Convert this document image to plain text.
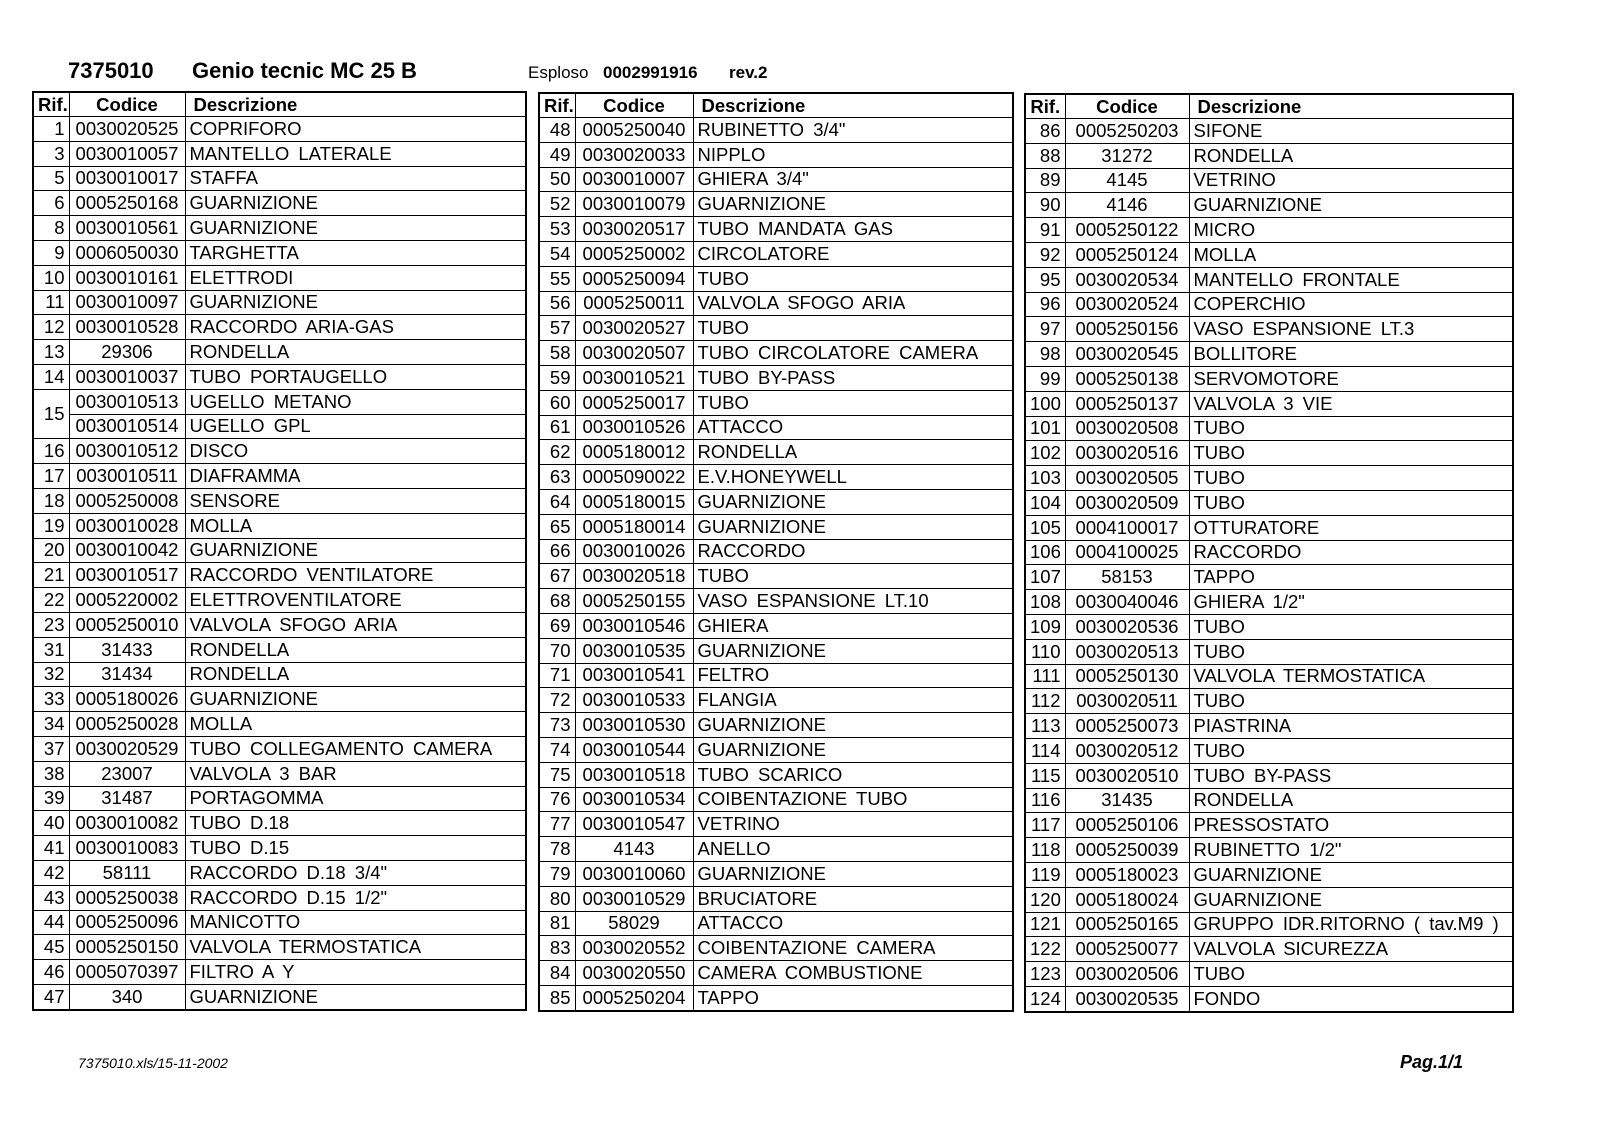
7375010 Genio tecnic MC 25 B	Esploso 0002991916 rev.2
Rif.	Codice	Descrizione
1	0030020525	COPRIFORO
3	0030010057	MANTELLO LATERALE
5	0030010017	STAFFA
6	0005250168	GUARNIZIONE
8	0030010561	GUARNIZIONE
9	0006050030	TARGHETTA
10	0030010161	ELETTRODI
11	0030010097	GUARNIZIONE
12	0030010528	RACCORDO ARIA-GAS
13	29306	RONDELLA
14	0030010037	TUBO PORTAUGELLO
15	0030010513	UGELLO METANO
	0030010514	UGELLO GPL
16	0030010512	DISCO
17	0030010511	DIAFRAMMA
18	0005250008	SENSORE
19	0030010028	MOLLA
20	0030010042	GUARNIZIONE
21	0030010517	RACCORDO VENTILATORE
22	0005220002	ELETTROVENTILATORE
23	0005250010	VALVOLA SFOGO ARIA
31	31433	RONDELLA
32	31434	RONDELLA
33	0005180026	GUARNIZIONE
34	0005250028	MOLLA
37	0030020529	TUBO COLLEGAMENTO CAMERA
38	23007	VALVOLA 3 BAR
39	31487	PORTAGOMMA
40	0030010082	TUBO D.18
41	0030010083	TUBO D.15
42	58111	RACCORDO D.18 3/4"
43	0005250038	RACCORDO D.15 1/2"
44	0005250096	MANICOTTO
45	0005250150	VALVOLA TERMOSTATICA
46	0005070397	FILTRO A Y
47	340	GUARNIZIONE
Rif.	Codice	Descrizione
48	0005250040	RUBINETTO 3/4"
49	0030020033	NIPPLO
50	0030010007	GHIERA 3/4"
52	0030010079	GUARNIZIONE
53	0030020517	TUBO MANDATA GAS
54	0005250002	CIRCOLATORE
55	0005250094	TUBO
56	0005250011	VALVOLA SFOGO ARIA
57	0030020527	TUBO
58	0030020507	TUBO CIRCOLATORE CAMERA
59	0030010521	TUBO BY-PASS
60	0005250017	TUBO
61	0030010526	ATTACCO
62	0005180012	RONDELLA
63	0005090022	E.V.HONEYWELL
64	0005180015	GUARNIZIONE
65	0005180014	GUARNIZIONE
66	0030010026	RACCORDO
67	0030020518	TUBO
68	0005250155	VASO ESPANSIONE LT.10
69	0030010546	GHIERA
70	0030010535	GUARNIZIONE
71	0030010541	FELTRO
72	0030010533	FLANGIA
73	0030010530	GUARNIZIONE
74	0030010544	GUARNIZIONE
75	0030010518	TUBO SCARICO
76	0030010534	COIBENTAZIONE TUBO
77	0030010547	VETRINO
78	4143	ANELLO
79	0030010060	GUARNIZIONE
80	0030010529	BRUCIATORE
81	58029	ATTACCO
83	0030020552	COIBENTAZIONE CAMERA
84	0030020550	CAMERA COMBUSTIONE
85	0005250204	TAPPO
Rif.	Codice	Descrizione
86	0005250203	SIFONE
88	31272	RONDELLA
89	4145	VETRINO
90	4146	GUARNIZIONE
91	0005250122	MICRO
92	0005250124	MOLLA
95	0030020534	MANTELLO FRONTALE
96	0030020524	COPERCHIO
97	0005250156	VASO ESPANSIONE LT.3
98	0030020545	BOLLITORE
99	0005250138	SERVOMOTORE
100	0005250137	VALVOLA 3 VIE
101	0030020508	TUBO
102	0030020516	TUBO
103	0030020505	TUBO
104	0030020509	TUBO
105	0004100017	OTTURATORE
106	0004100025	RACCORDO
107	58153	TAPPO
108	0030040046	GHIERA 1/2"
109	0030020536	TUBO
110	0030020513	TUBO
111	0005250130	VALVOLA TERMOSTATICA
112	0030020511	TUBO
113	0005250073	PIASTRINA
114	0030020512	TUBO
115	0030020510	TUBO BY-PASS
116	31435	RONDELLA
117	0005250106	PRESSOSTATO
118	0005250039	RUBINETTO 1/2"
119	0005180023	GUARNIZIONE
120	0005180024	GUARNIZIONE
121	0005250165	GRUPPO IDR.RITORNO ( tav.M9 )
122	0005250077	VALVOLA SICUREZZA
123	0030020506	TUBO
124	0030020535	FONDO
7375010.xls/15-11-2002	Pag.1/1
